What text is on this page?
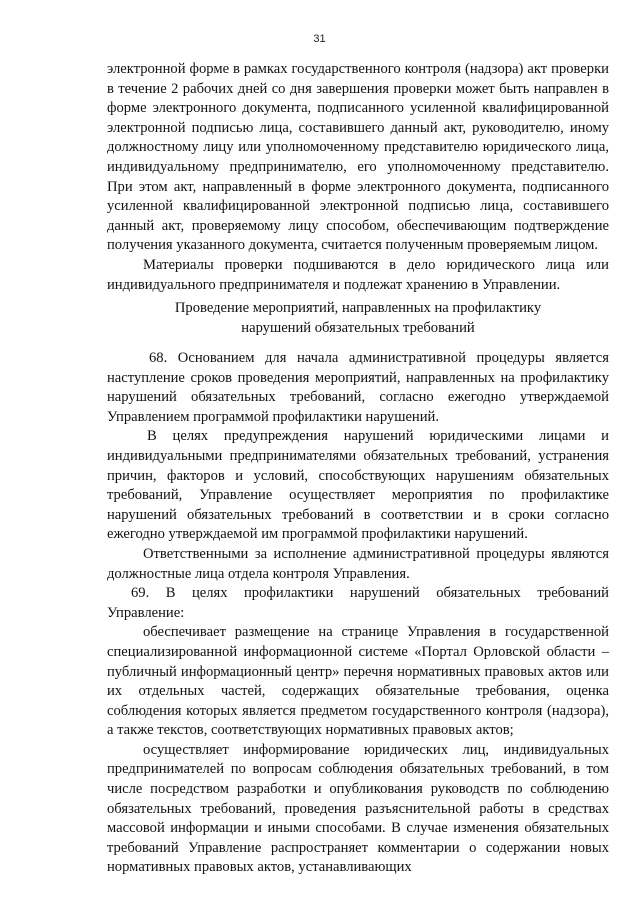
31

электронной форме в рамках государственного контроля (надзора) акт проверки в течение 2 рабочих дней со дня завершения проверки может быть направлен в форме электронного документа, подписанного усиленной квалифицированной электронной подписью лица, составившего данный акт, руководителю, иному должностному лицу или уполномоченному представителю юридического лица, индивидуальному предпринимателю, его уполномоченному представителю. При этом акт, направленный в форме электронного документа, подписанного усиленной квалифицированной электронной подписью лица, составившего данный акт, проверяемому лицу способом, обеспечивающим подтверждение получения указанного документа, считается полученным проверяемым лицом.

Материалы проверки подшиваются в дело юридического лица или индивидуального предпринимателя и подлежат хранению в Управлении.

Проведение мероприятий, направленных на профилактику
нарушений обязательных требований

68. Основанием для начала административной процедуры является наступление сроков проведения мероприятий, направленных на профилактику нарушений обязательных требований, согласно ежегодно утверждаемой Управлением программой профилактики нарушений.

В целях предупреждения нарушений юридическими лицами и индивидуальными предпринимателями обязательных требований, устранения причин, факторов и условий, способствующих нарушениям обязательных требований, Управление осуществляет мероприятия по профилактике нарушений обязательных требований в соответствии и в сроки согласно ежегодно утверждаемой им программой профилактики нарушений.

Ответственными за исполнение административной процедуры являются должностные лица отдела контроля Управления.

69. В целях профилактики нарушений обязательных требований Управление:

обеспечивает размещение на странице Управления в государственной специализированной информационной системе «Портал Орловской области – публичный информационный центр» перечня нормативных правовых актов или их отдельных частей, содержащих обязательные требования, оценка соблюдения которых является предметом государственного контроля (надзора), а также текстов, соответствующих нормативных правовых актов;

осуществляет информирование юридических лиц, индивидуальных предпринимателей по вопросам соблюдения обязательных требований, в том числе посредством разработки и опубликования руководств по соблюдению обязательных требований, проведения разъяснительной работы в средствах массовой информации и иными способами. В случае изменения обязательных требований Управление распространяет комментарии о содержании новых нормативных правовых актов, устанавливающих
